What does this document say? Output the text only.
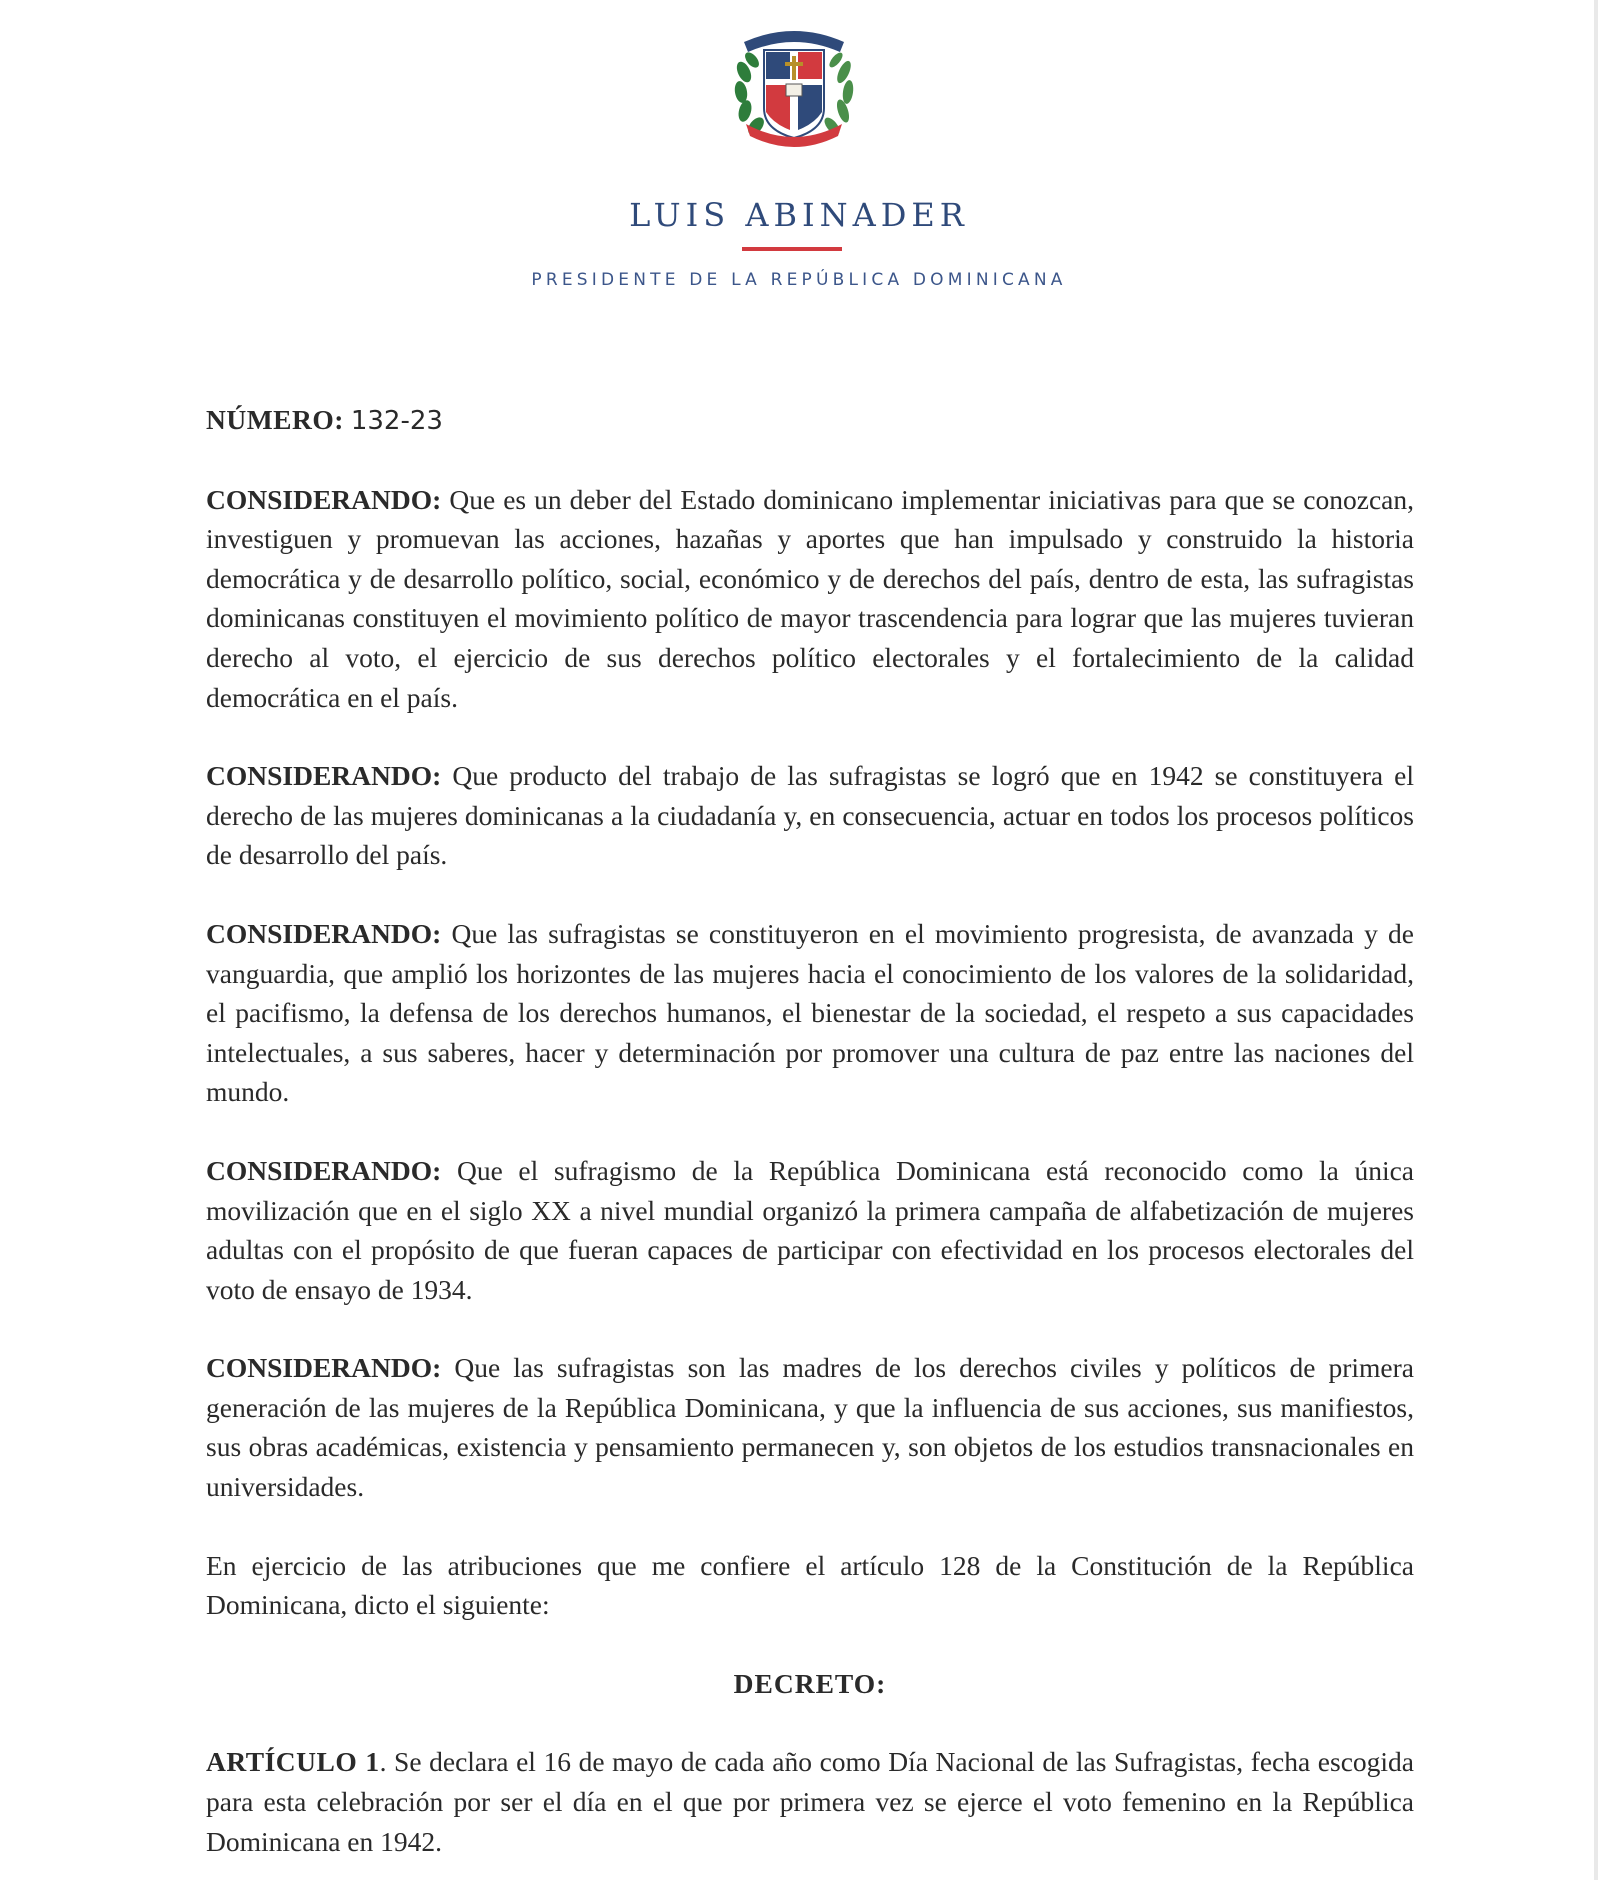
LUIS ABINADER
PRESIDENTE DE LA REPÚBLICA DOMINICANA

NÚMERO: 132-23

CONSIDERANDO: Que es un deber del Estado dominicano implementar iniciativas para que se conozcan, investiguen y promuevan las acciones, hazañas y aportes que han impulsado y construido la historia democrática y de desarrollo político, social, económico y de derechos del país, dentro de esta, las sufragistas dominicanas constituyen el movimiento político de mayor trascendencia para lograr que las mujeres tuvieran derecho al voto, el ejercicio de sus derechos político electorales y el fortalecimiento de la calidad democrática en el país.

CONSIDERANDO: Que producto del trabajo de las sufragistas se logró que en 1942 se constituyera el derecho de las mujeres dominicanas a la ciudadanía y, en consecuencia, actuar en todos los procesos políticos de desarrollo del país.

CONSIDERANDO: Que las sufragistas se constituyeron en el movimiento progresista, de avanzada y de vanguardia, que amplió los horizontes de las mujeres hacia el conocimiento de los valores de la solidaridad, el pacifismo, la defensa de los derechos humanos, el bienestar de la sociedad, el respeto a sus capacidades intelectuales, a sus saberes, hacer y determinación por promover una cultura de paz entre las naciones del mundo.

CONSIDERANDO: Que el sufragismo de la República Dominicana está reconocido como la única movilización que en el siglo XX a nivel mundial organizó la primera campaña de alfabetización de mujeres adultas con el propósito de que fueran capaces de participar con efectividad en los procesos electorales del voto de ensayo de 1934.

CONSIDERANDO: Que las sufragistas son las madres de los derechos civiles y políticos de primera generación de las mujeres de la República Dominicana, y que la influencia de sus acciones, sus manifiestos, sus obras académicas, existencia y pensamiento permanecen y, son objetos de los estudios transnacionales en universidades.

En ejercicio de las atribuciones que me confiere el artículo 128 de la Constitución de la República Dominicana, dicto el siguiente:

DECRETO:

ARTÍCULO 1. Se declara el 16 de mayo de cada año como Día Nacional de las Sufragistas, fecha escogida para esta celebración por ser el día en el que por primera vez se ejerce el voto femenino en la República Dominicana en 1942.
